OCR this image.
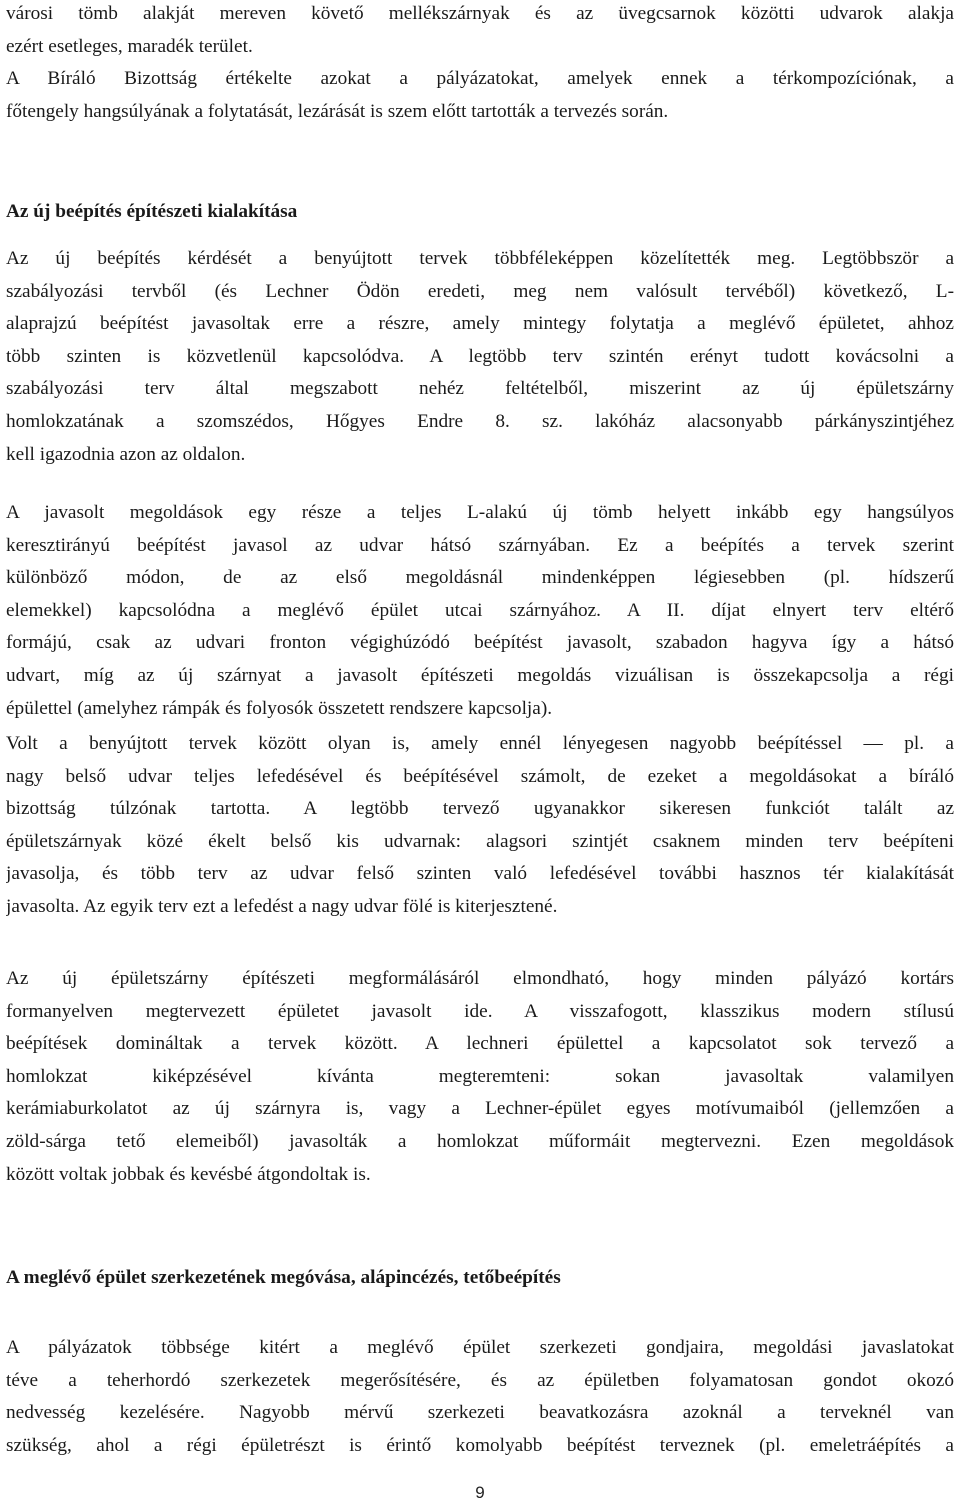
városi tömb alakját mereven követő mellékszárnyak és az üvegcsarnok közötti udvarok alakja
ezért esetleges, maradék terület.
A Bíráló Bizottság értékelte azokat a pályázatokat, amelyek ennek a térkompozíciónak, a
főtengely hangsúlyának a folytatását, lezárását is szem előtt tartották a tervezés során.
Az új beépítés építészeti kialakítása
Az új beépítés kérdését a benyújtott tervek többféleképpen közelítették meg. Legtöbbször a
szabályozási tervből (és Lechner Ödön eredeti, meg nem valósult tervéből) következő, L-
alaprajzú beépítést javasoltak erre a részre, amely mintegy folytatja a meglévő épületet, ahhoz
több szinten is közvetlenül kapcsolódva. A legtöbb terv szintén erényt tudott kovácsolni a
szabályozási terv által megszabott nehéz feltételből, miszerint az új épületszárny
homlokzatának a szomszédos, Hőgyes Endre 8. sz. lakóház alacsonyabb párkányszintjéhez
kell igazodnia azon az oldalon.
A javasolt megoldások egy része a teljes L-alakú új tömb helyett inkább egy hangsúlyos
keresztirányú beépítést javasol az udvar hátsó szárnyában. Ez a beépítés a tervek szerint
különböző módon, de az első megoldásnál mindenképpen légiesebben (pl. hídszerű
elemekkel) kapcsolódna a meglévő épület utcai szárnyához. A II. díjat elnyert terv eltérő
formájú, csak az udvari fronton végighúzódó beépítést javasolt, szabadon hagyva így a hátsó
udvart, míg az új szárnyat a javasolt építészeti megoldás vizuálisan is összekapcsolja a régi
épülettel (amelyhez rámpák és folyosók összetett rendszere kapcsolja).
Volt a benyújtott tervek között olyan is, amely ennél lényegesen nagyobb beépítéssel — pl. a
nagy belső udvar teljes lefedésével és beépítésével számolt, de ezeket a megoldásokat a bíráló
bizottság túlzónak tartotta. A legtöbb tervező ugyanakkor sikeresen funkciót talált az
épületszárnyak közé ékelt belső kis udvarnak: alagsori szintjét csaknem minden terv beépíteni
javasolja, és több terv az udvar felső szinten való lefedésével további hasznos tér kialakítását
javasolta. Az egyik terv ezt a lefedést a nagy udvar fölé is kiterjesztené.
Az új épületszárny építészeti megformálásáról elmondható, hogy minden pályázó kortárs
formanyelven megtervezett épületet javasolt ide. A visszafogott, klasszikus modern stílusú
beépítések domináltak a tervek között. A lechneri épülettel a kapcsolatot sok tervező a
homlokzat kiképzésével kívánta megteremteni: sokan javasoltak valamilyen
kerámiaburkolatot az új szárnyra is, vagy a Lechner-épület egyes motívumaiból (jellemzően a
zöld-sárga tető elemeiből) javasolták a homlokzat műformáit megtervezni. Ezen megoldások
között voltak jobbak és kevésbé átgondoltak is.
A meglévő épület szerkezetének megóvása, alápincézés, tetőbeépítés
A pályázatok többsége kitért a meglévő épület szerkezeti gondjaira, megoldási javaslatokat
téve a teherhordó szerkezetek megerősítésére, és az épületben folyamatosan gondot okozó
nedvesség kezelésére. Nagyobb mérvű szerkezeti beavatkozásra azoknál a terveknél van
szükség, ahol a régi épületrészt is érintő komolyabb beépítést terveznek (pl. emeletráépítés a
9
